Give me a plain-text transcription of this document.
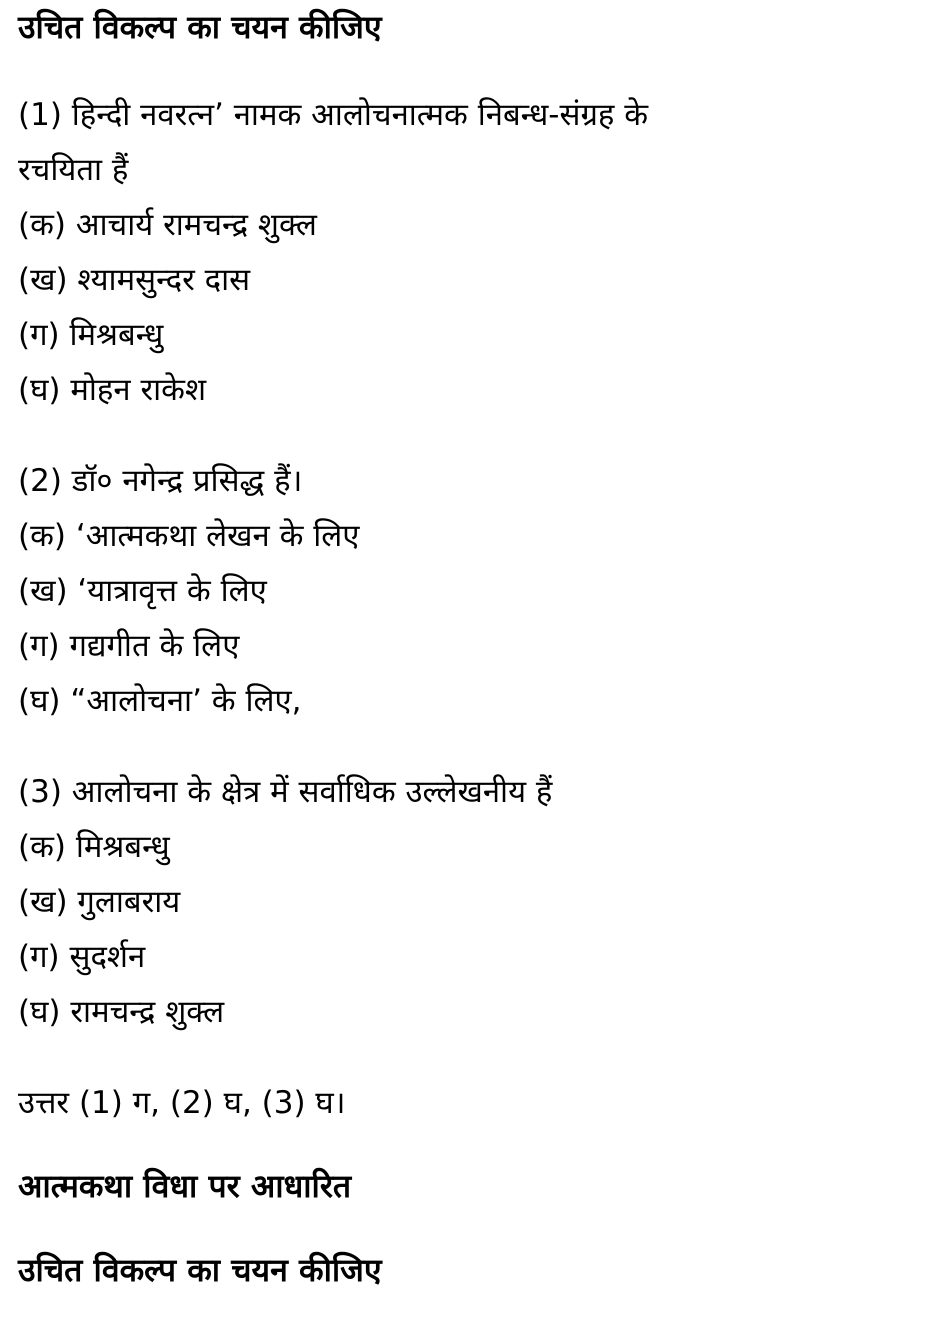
उचित विकल्प का चयन कीजिए

(1) हिन्दी नवरत्न’ नामक आलोचनात्मक निबन्ध-संग्रह के

रचयिता हैं

(क) आचार्य रामचन्द्र शुक्ल

(ख) श्यामसुन्दर दास

(ग) मिश्रबन्धु

(घ) मोहन राकेश

(2) डॉ० नगेन्द्र प्रसिद्ध हैं।

(क) ‘आत्मकथा लेखन के लिए

(ख) ‘यात्रावृत्त के लिए

(ग) गद्यगीत के लिए

(घ) “आलोचना’ के लिए,

(3) आलोचना के क्षेत्र में सर्वाधिक उल्लेखनीय हैं

(क) मिश्रबन्धु

(ख) गुलाबराय

(ग) सुदर्शन

(घ) रामचन्द्र शुक्ल

उत्तर (1) ग, (2) घ, (3) घ।

आत्मकथा विधा पर आधारित

उचित विकल्प का चयन कीजिए
